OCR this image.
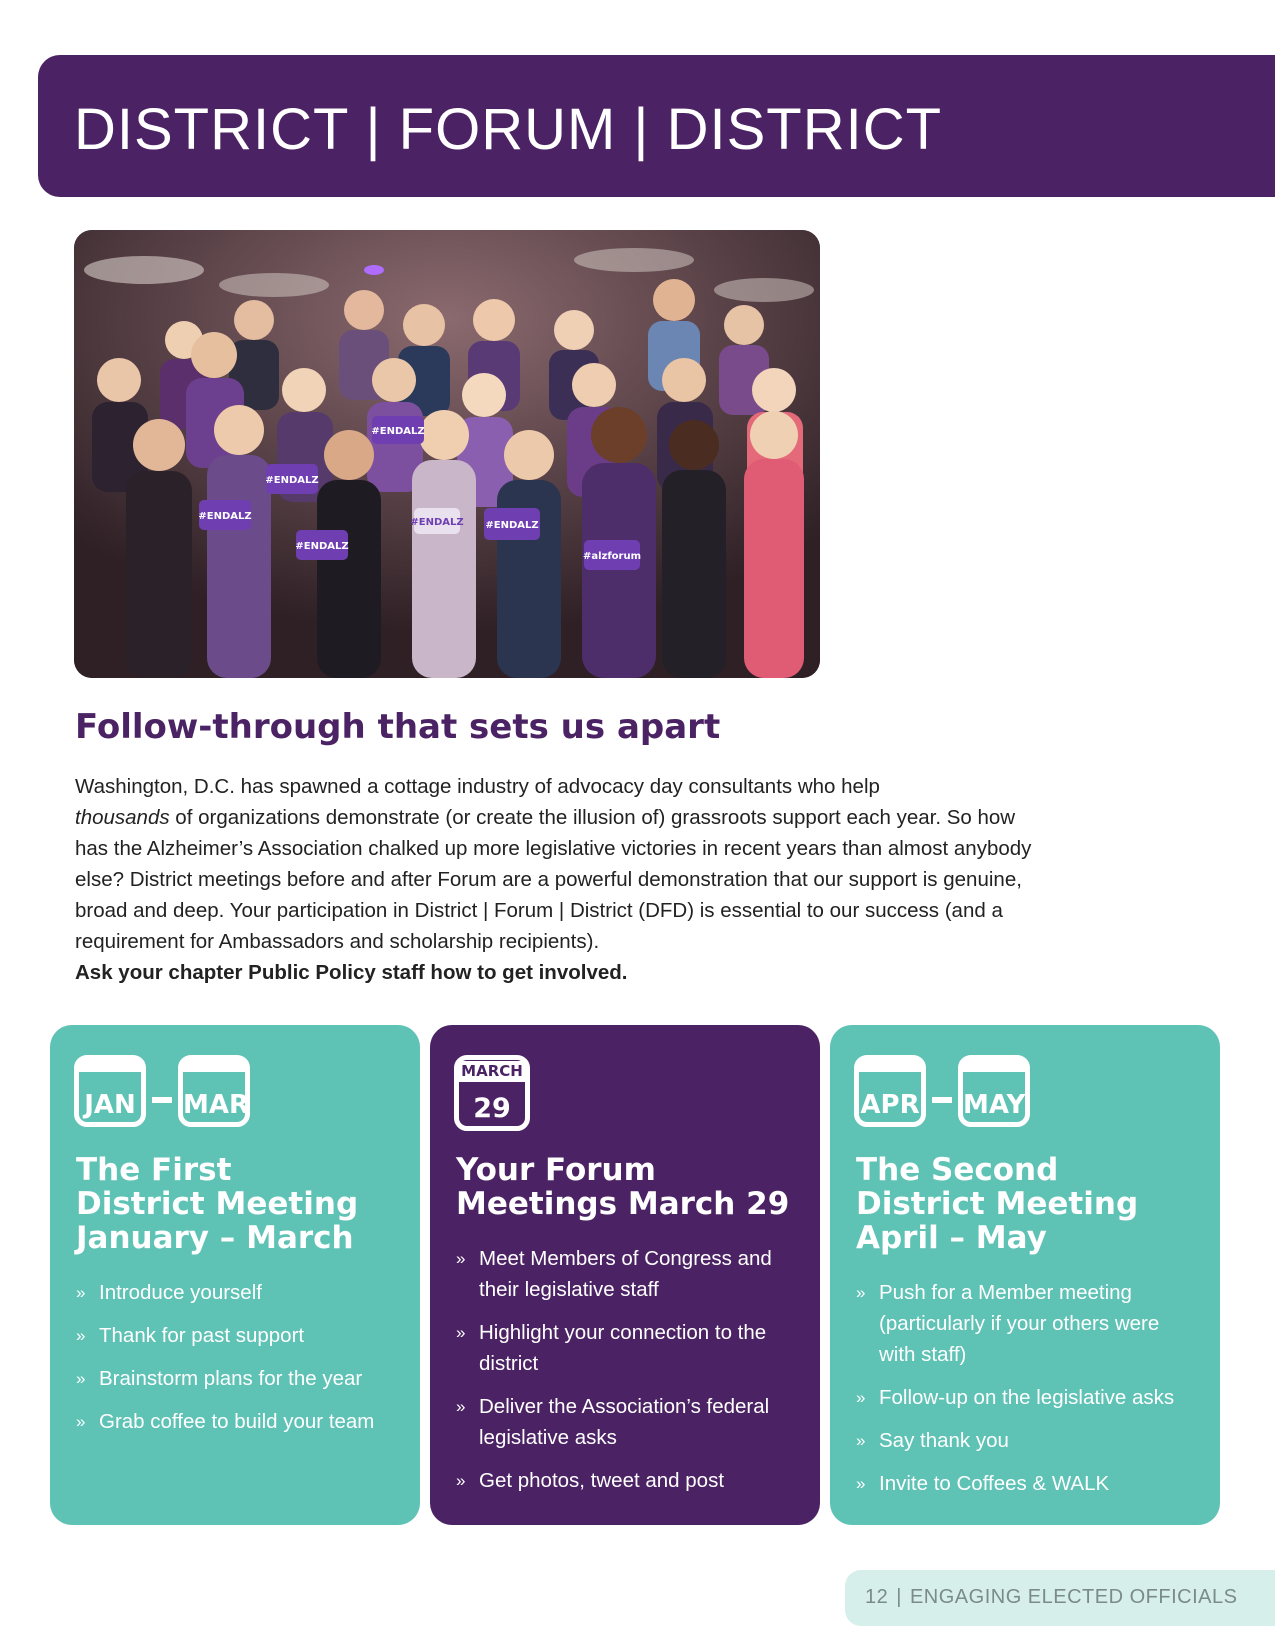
DISTRICT | FORUM | DISTRICT
#ENDALZ
#ENDALZ
#ENDALZ
#ENDALZ
#ENDALZ
#alzforum
#ENDALZ
Follow-through that sets us apart

Washington, D.C. has spawned a cottage industry of advocacy day consultants who help
thousands of organizations demonstrate (or create the illusion of) grassroots support each year. So how has the Alzheimer’s Association chalked up more legislative victories in recent years than almost anybody else? District meetings before and after Forum are a powerful demonstration that our support is genuine, broad and deep. Your participation in District | Forum | District (DFD) is essential to our success (and a requirement for Ambassadors and scholarship recipients).
Ask your chapter Public Policy staff how to get involved.

JAN MAR
The First
District Meeting
January – March
» Introduce yourself
» Thank for past support
» Brainstorm plans for the year
» Grab coffee to build your team
MARCH
29
Your Forum
Meetings March 29
» Meet Members of Congress and their legislative staff
» Highlight your connection to the district
» Deliver the Association’s federal legislative asks
» Get photos, tweet and post
APR MAY
The Second
District Meeting
April – May
» Push for a Member meeting (particularly if your others were with staff)
» Follow-up on the legislative asks
» Say thank you
» Invite to Coffees & WALK
12 | ENGAGING ELECTED OFFICIALS
